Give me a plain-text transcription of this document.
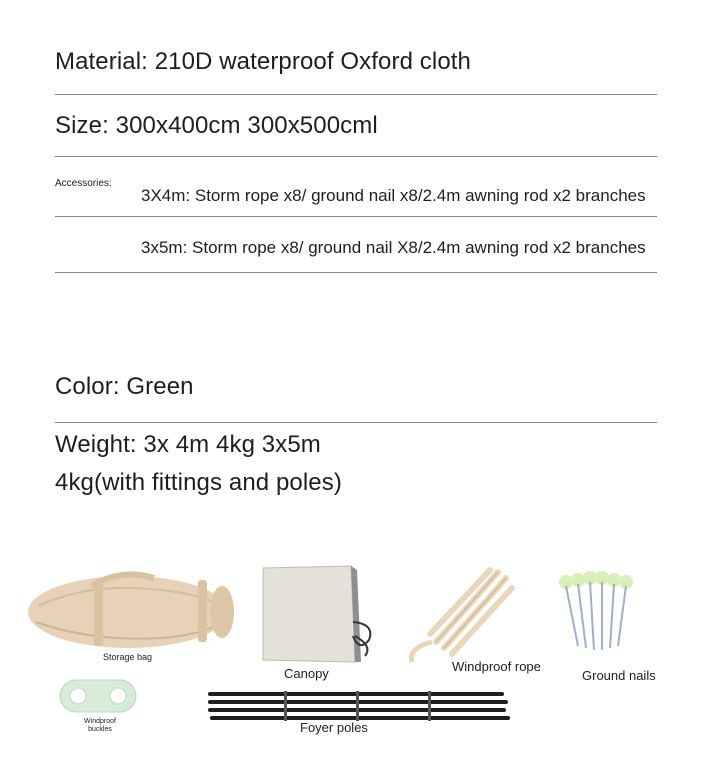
Material: 210D waterproof Oxford cloth
Size: 300x400cm 300x500cml
Accessories:
3X4m: Storm rope x8/ ground nail x8/2.4m awning rod x2 branches
3x5m: Storm rope x8/ ground nail X8/2.4m awning rod x2 branches
Color: Green
Weight: 3x 4m 4kg 3x5m
4kg(with fittings and poles)
Storage bag
Canopy	Windproof rope
Ground nails
Windproof
buckles	Foyer poles
